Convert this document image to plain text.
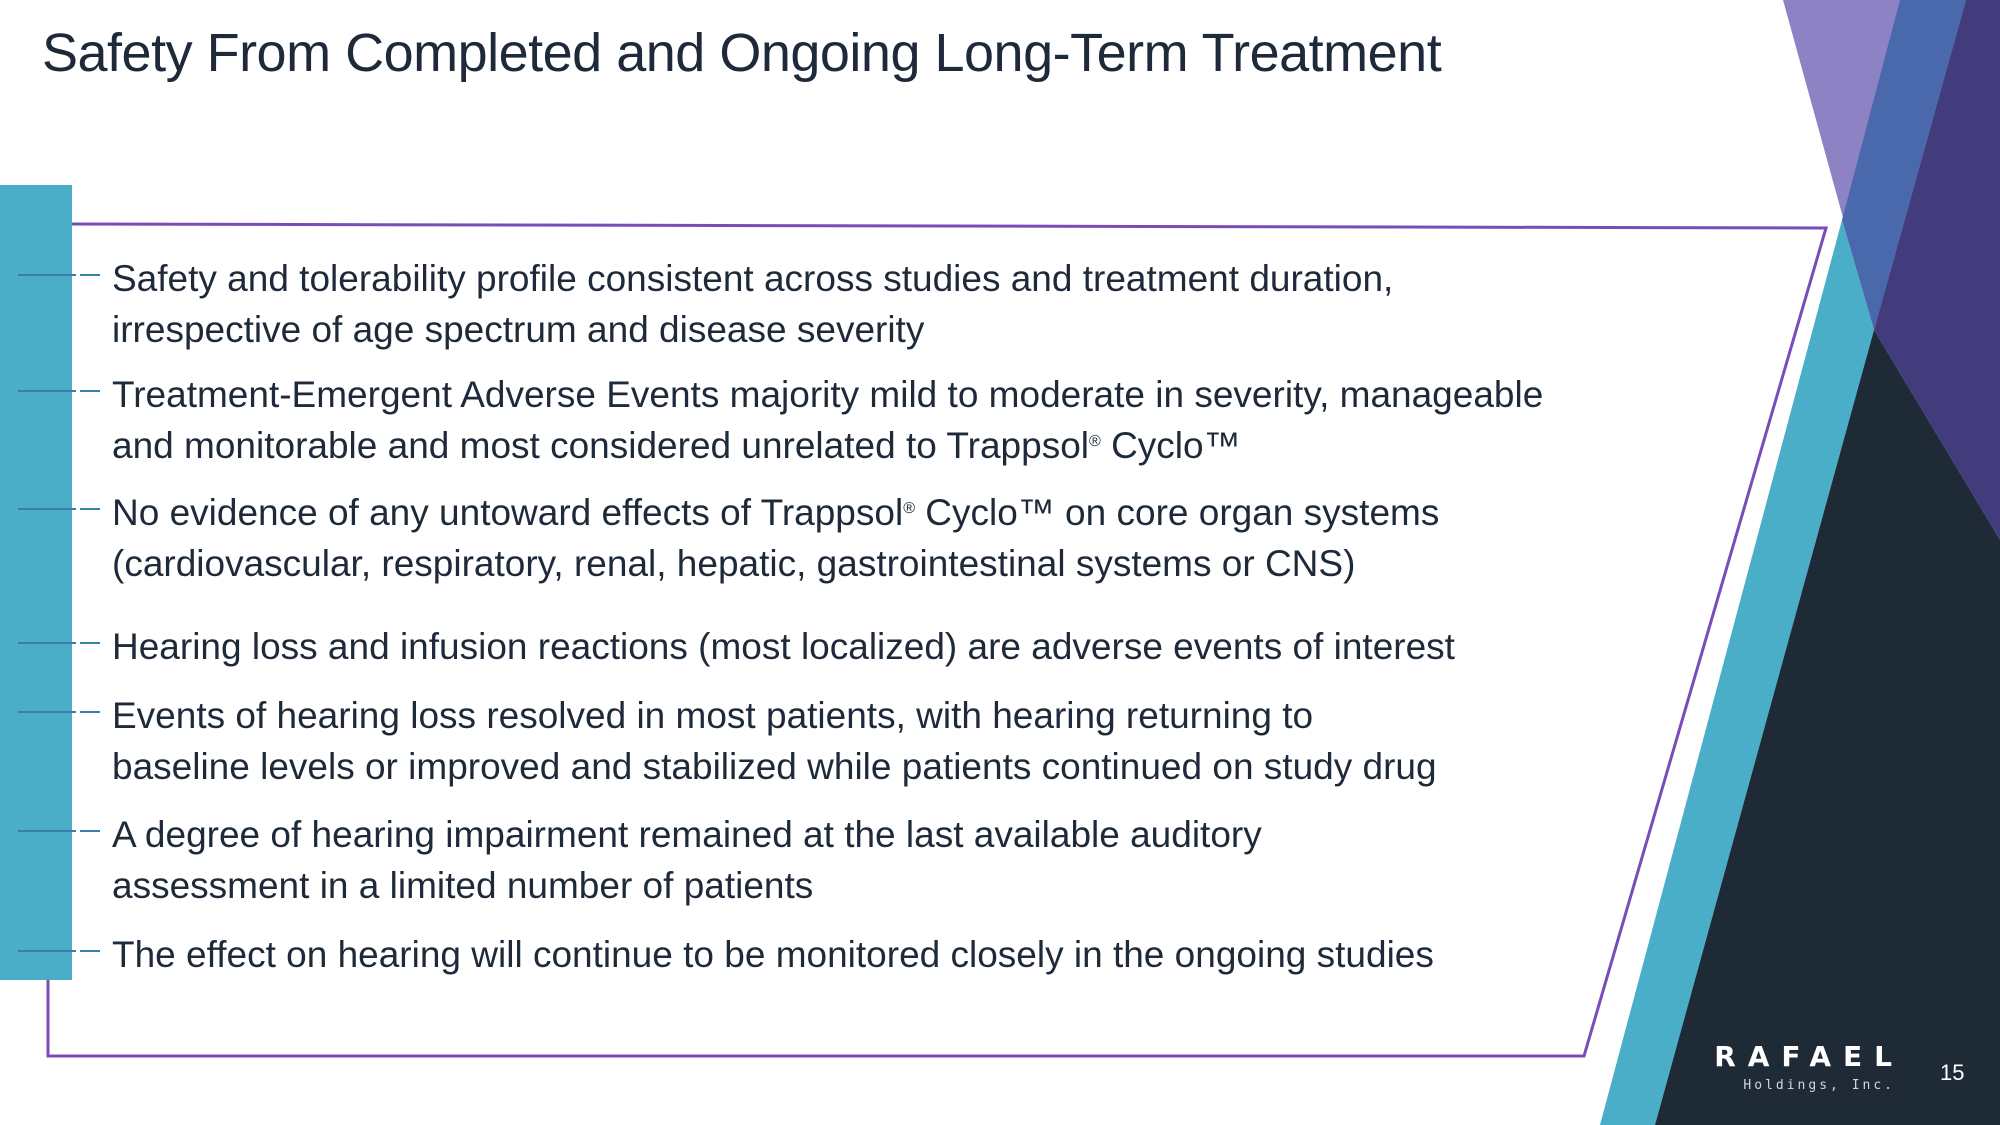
Safety From Completed and Ongoing Long-Term Treatment
Safety and tolerability profile consistent across studies and treatment duration,
irrespective of age spectrum and disease severity
Treatment-Emergent Adverse Events majority mild to moderate in severity, manageable
and monitorable and most considered unrelated to Trappsol® Cyclo™
No evidence of any untoward effects of Trappsol® Cyclo™ on core organ systems
(cardiovascular, respiratory, renal, hepatic, gastrointestinal systems or CNS)
Hearing loss and infusion reactions (most localized) are adverse events of interest
Events of hearing loss resolved in most patients, with hearing returning to
baseline levels or improved and stabilized while patients continued on study drug
A degree of hearing impairment remained at the last available auditory
assessment in a limited number of patients
The effect on hearing will continue to be monitored closely in the ongoing studies
RAFAEL
Holdings, Inc.
15
